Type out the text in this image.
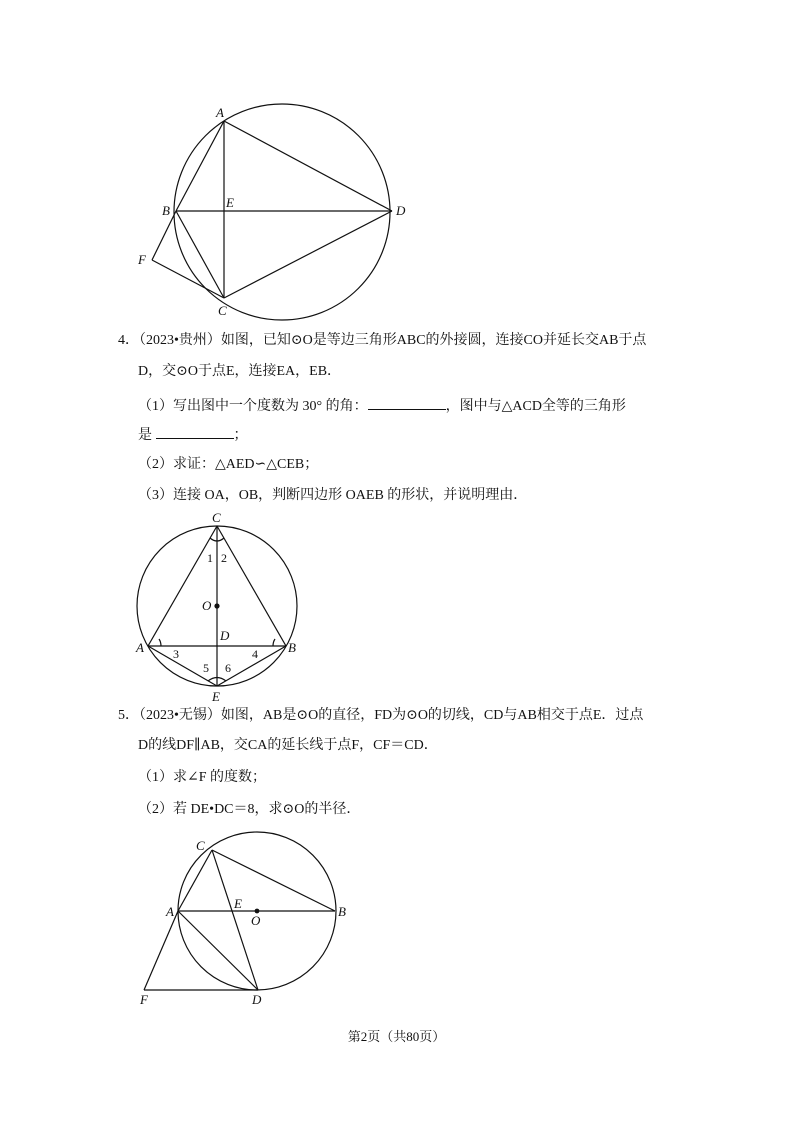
A
B
E
D
F
C
4．（2023•贵州）如图，已知⊙O是等边三角形ABC的外接圆，连接CO并延长交AB于点
D，交⊙O于点E，连接EA，EB．
（1）写出图中一个度数为 30° 的角：	，图中与△ACD全等的三角形
是	；
（2）求证：△AED∽△CEB；
（3）连接 OA，OB，判断四边形 OAEB 的形状，并说明理由．
C
1 2
O
D
A 3	4 B
5 6
E
5．（2023•无锡）如图，AB是⊙O的直径，FD为⊙O的切线，CD与AB相交于点E．过点
D的线DF∥AB，交CA的延长线于点F，CF＝CD．
（1）求∠F 的度数；
（2）若 DE•DC＝8，求⊙O的半径．
C
A
E
O
B
F	D
第2页（共80页）
